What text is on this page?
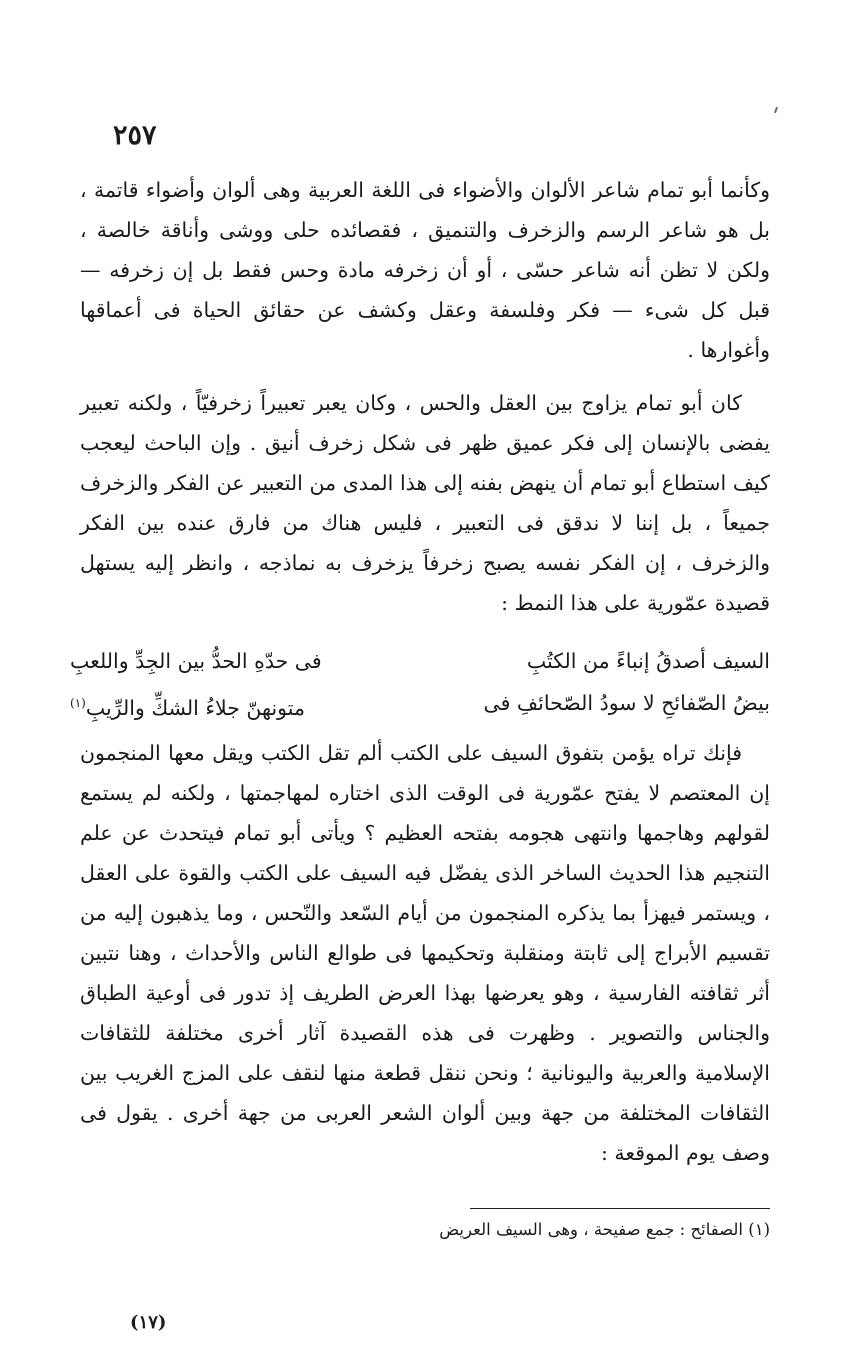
٢٥٧

وكأنما أبو تمام شاعر الألوان والأضواء فى اللغة العربية وهى ألوان وأضواء قاتمة ، بل هو شاعر الرسم والزخرف والتنميق ، فقصائده حلى ووشى وأناقة خالصة ، ولكن لا تظن أنه شاعر حسّى ، أو أن زخرفه مادة وحس فقط بل إن زخرفه — قبل كل شىء — فكر وفلسفة وعقل وكشف عن حقائق الحياة فى أعماقها وأغوارها .

كان أبو تمام يزاوج بين العقل والحس ، وكان يعبر تعبيراً زخرفيّاً ، ولكنه تعبير يفضى بالإنسان إلى فكر عميق ظهر فى شكل زخرف أنيق . وإن الباحث ليعجب كيف استطاع أبو تمام أن ينهض بفنه إلى هذا المدى من التعبير عن الفكر والزخرف جميعاً ، بل إننا لا ندقق فى التعبير ، فليس هناك من فارق عنده بين الفكر والزخرف ، إن الفكر نفسه يصبح زخرفاً يزخرف به نماذجه ، وانظر إليه يستهل قصيدة عمّورية على هذا النمط :

السيف أصدقُ إنباءً من الكتُبِ
فى حدّهِ الحدُّ بين الجِدِّ واللعبِ
بيضُ الصّفائحِ لا سودُ الصّحائفِ فى
متونهنّ جلاءُ الشكِّ والرِّيبِ$^{(١)}$

فإنك تراه يؤمن بتفوق السيف على الكتب ألم تقل الكتب ويقل معها المنجمون إن المعتصم لا يفتح عمّورية فى الوقت الذى اختاره لمهاجمتها ، ولكنه لم يستمع لقولهم وهاجمها وانتهى هجومه بفتحه العظيم ؟ ويأتى أبو تمام فيتحدث عن علم التنجيم هذا الحديث الساخر الذى يفضّل فيه السيف على الكتب والقوة على العقل ، ويستمر فيهزأ بما يذكره المنجمون من أيام السّعد والنّحس ، وما يذهبون إليه من تقسيم الأبراج إلى ثابتة ومنقلبة وتحكيمها فى طوالع الناس والأحداث ، وهنا نتبين أثر ثقافته الفارسية ، وهو يعرضها بهذا العرض الطريف إذ تدور فى أوعية الطباق والجناس والتصوير . وظهرت فى هذه القصيدة آثار أخرى مختلفة للثقافات الإسلامية والعربية واليونانية ؛ ونحن ننقل قطعة منها لنقف على المزج الغريب بين الثقافات المختلفة من جهة وبين ألوان الشعر العربى من جهة أخرى . يقول فى وصف يوم الموقعة :

(١) الصفائح : جمع صفيحة ، وهى السيف العريض
(١٧)
